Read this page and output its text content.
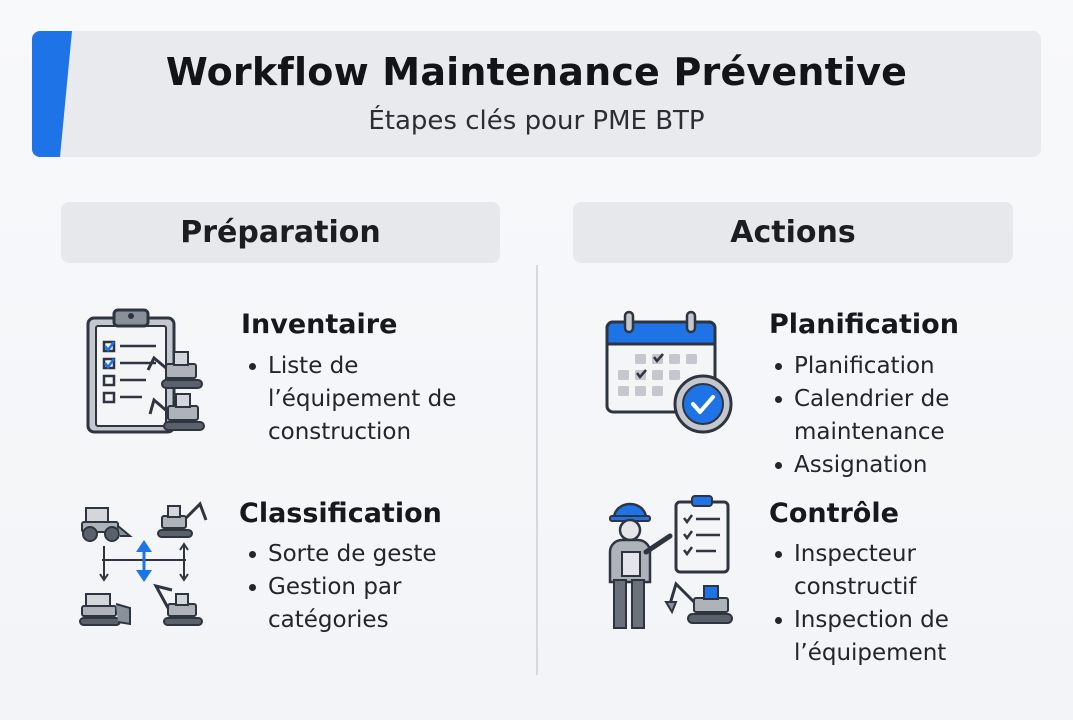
Workflow Maintenance Préventive
Étapes clés pour PME BTP
Préparation	Actions
Inventaire
Liste de l’équipement de construction
Classification
Sorte de geste
Gestion par catégories
Planification
Planification
Calendrier de maintenance
Assignation
Contrôle
Inspecteur constructif
Inspection de l’équipement
